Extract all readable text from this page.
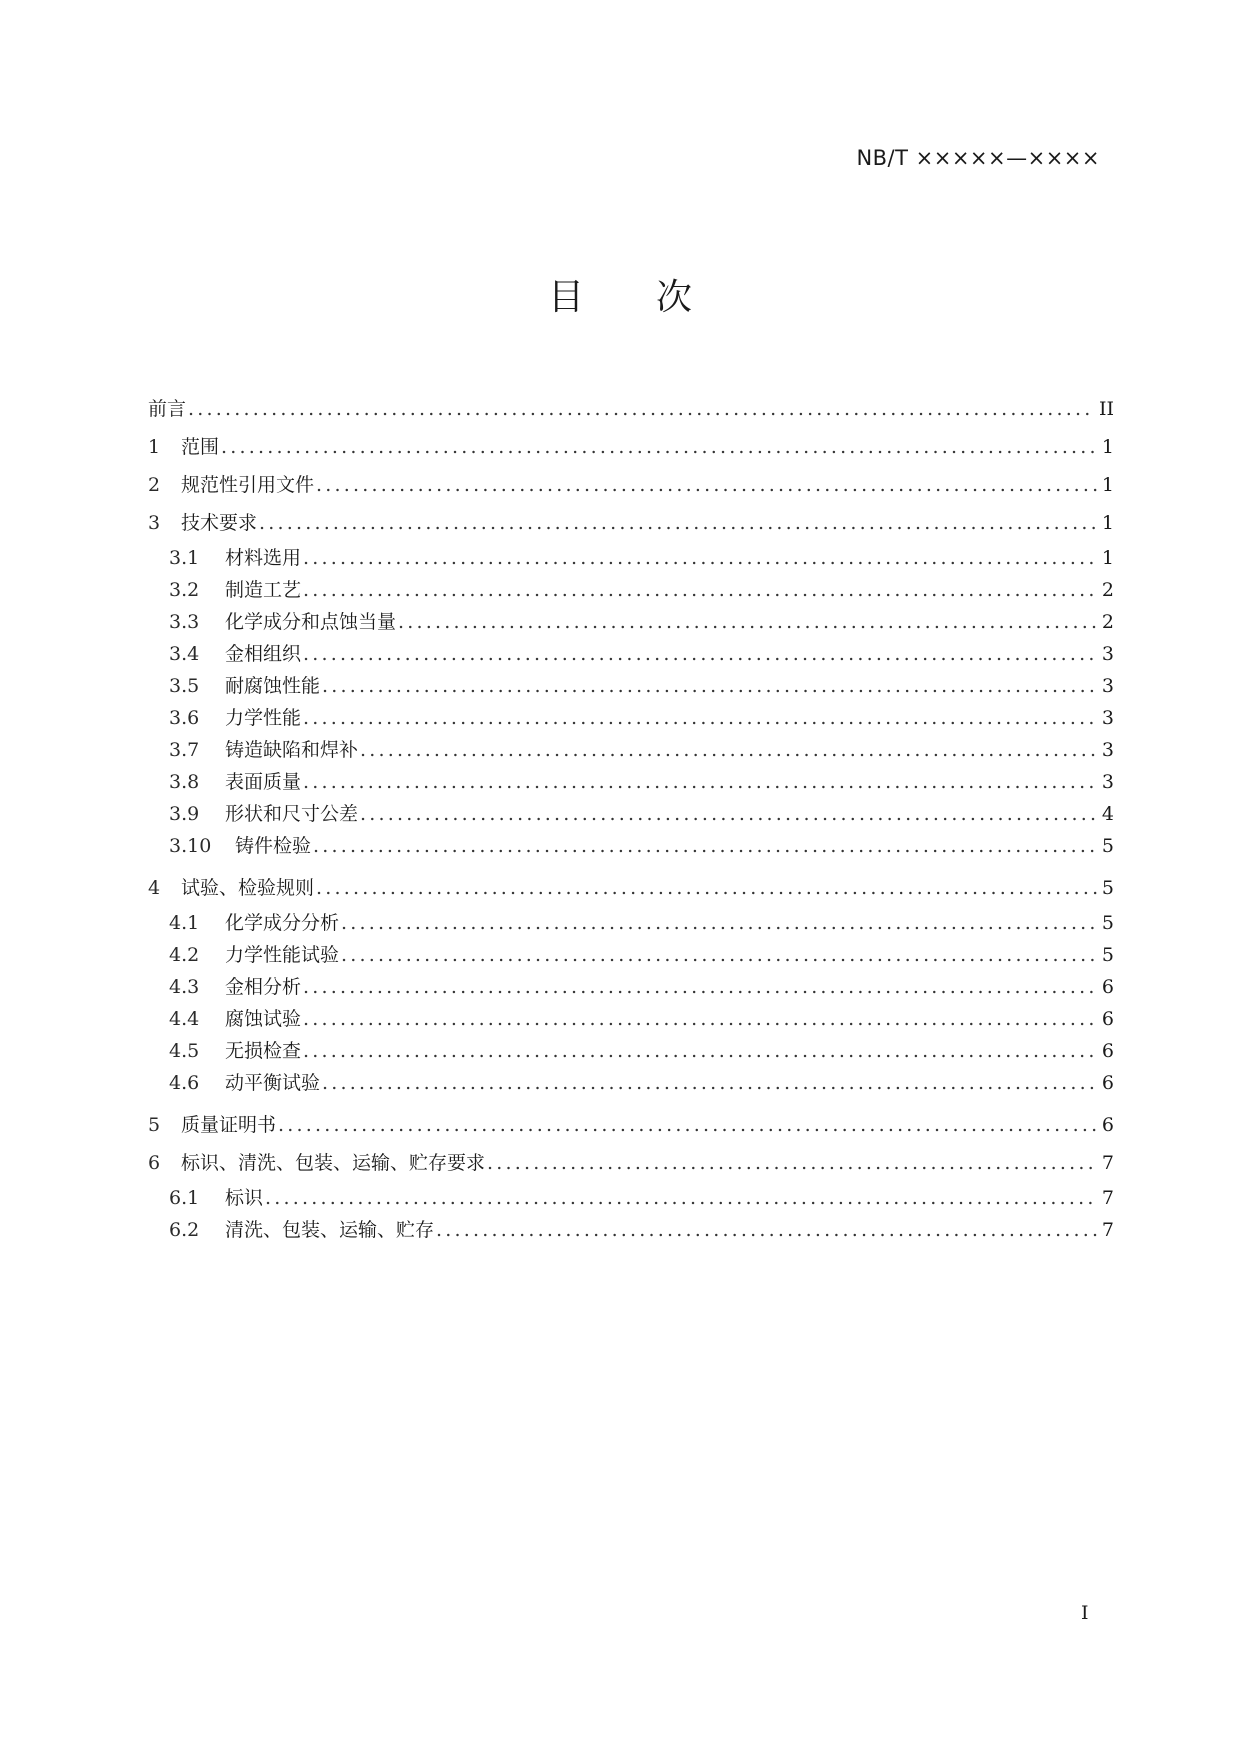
NB/T ×××××—××××
目 次
前言 .....	II
1	范围 .....	1
2	规范性引用文件 .....	1
3	技术要求 .....	1
3.1	材料选用 .....	1
3.2	制造工艺 .....	2
3.3	化学成分和点蚀当量 .....	2
3.4	金相组织 .....	3
3.5	耐腐蚀性能 .....	3
3.6	力学性能 .....	3
3.7	铸造缺陷和焊补 .....	3
3.8	表面质量 .....	3
3.9	形状和尺寸公差 .....	4
3.10	铸件检验 .....	5
4	试验、检验规则 .....	5
4.1	化学成分分析 .....	5
4.2	力学性能试验 .....	5
4.3	金相分析 .....	6
4.4	腐蚀试验 .....	6
4.5	无损检查 .....	6
4.6	动平衡试验 .....	6
5	质量证明书 .....	6
6	标识、清洗、包装、运输、贮存要求 .....	7
6.1	标识 .....	7
6.2	清洗、包装、运输、贮存 .....	7
I
